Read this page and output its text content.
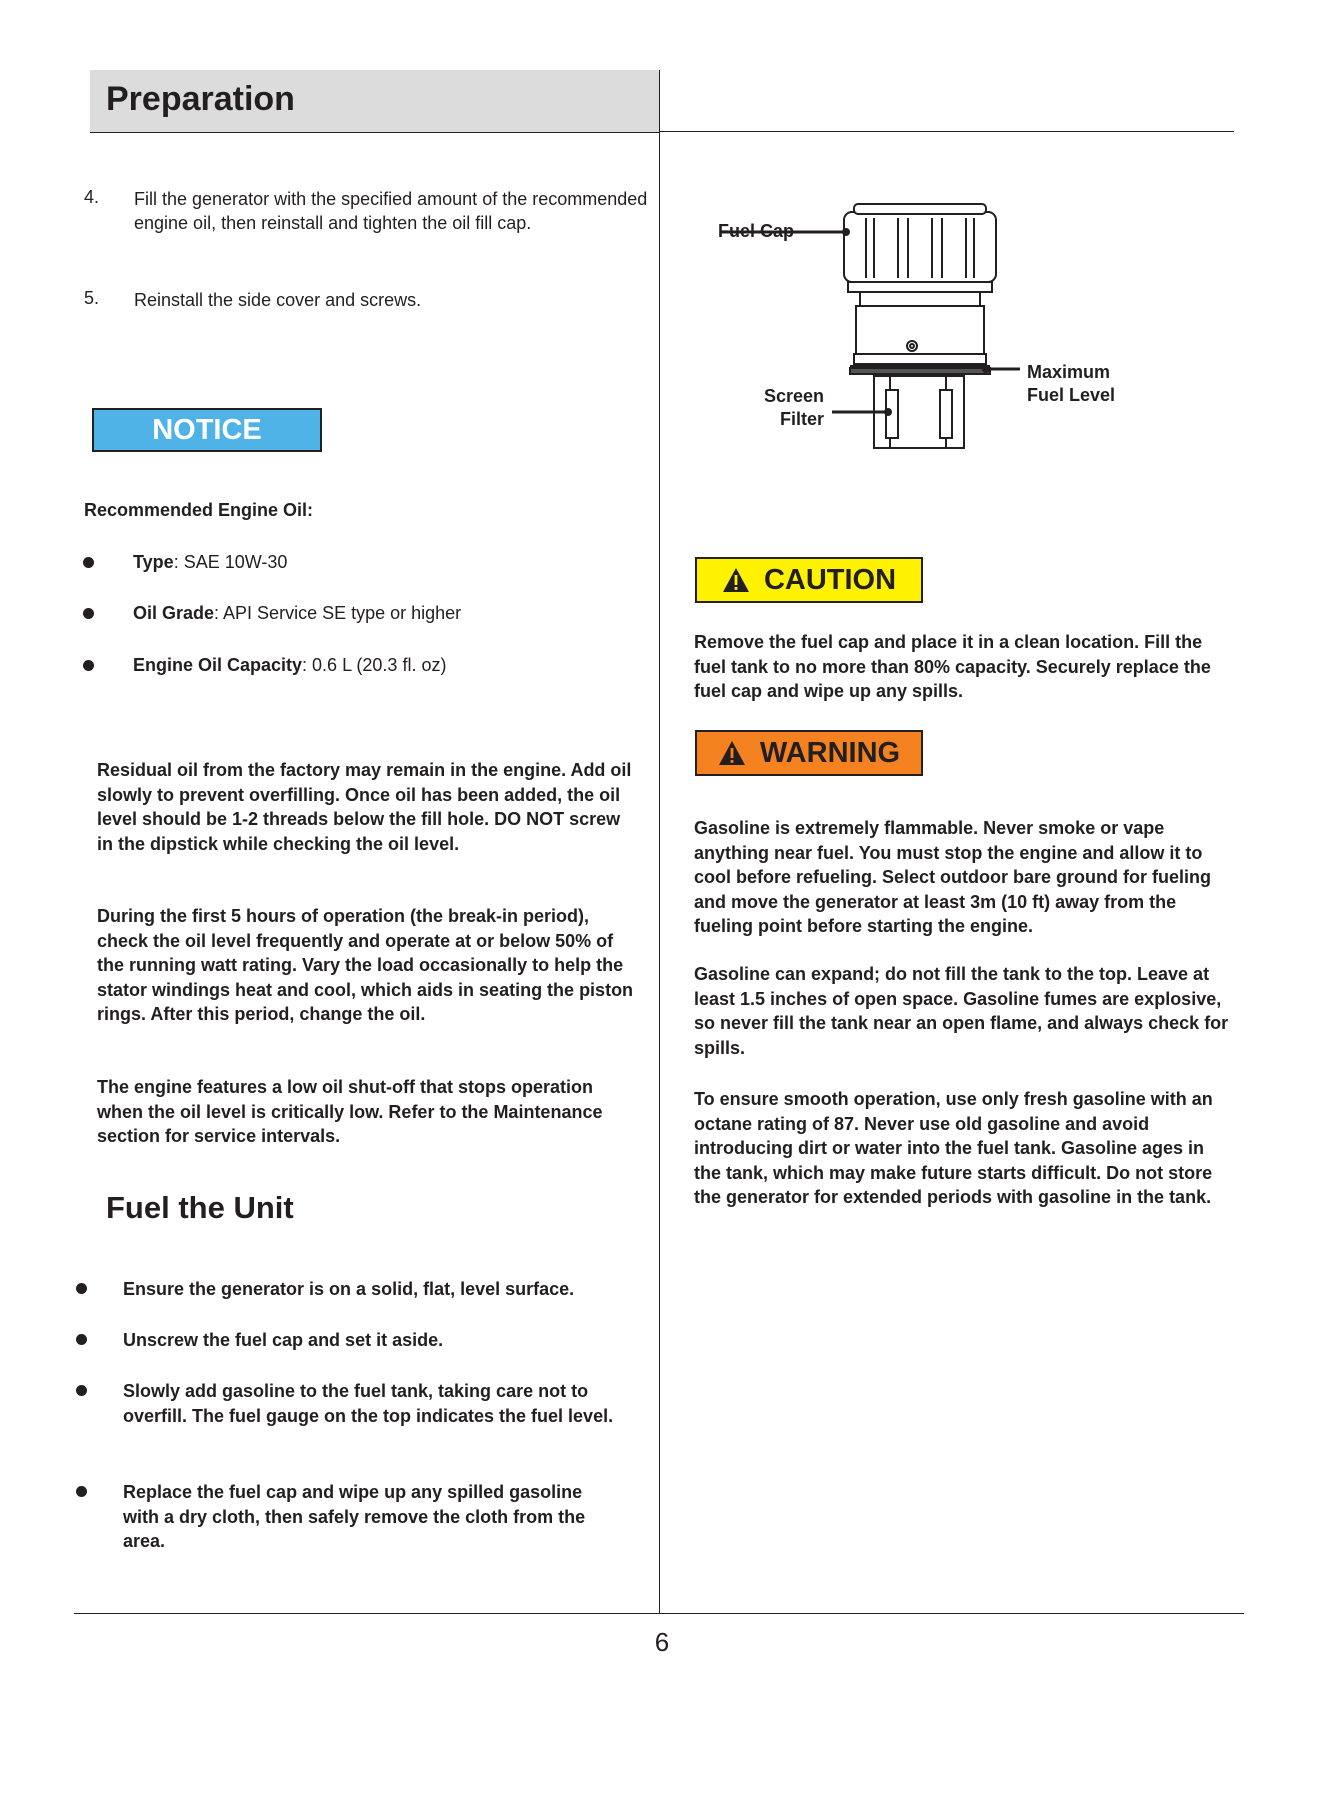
Preparation
4. Fill the generator with the specified amount of the recommended engine oil, then reinstall and tighten the oil fill cap.
5. Reinstall the side cover and screws.
NOTICE
Recommended Engine Oil:
Type: SAE 10W-30
Oil Grade: API Service SE type or higher
Engine Oil Capacity: 0.6 L (20.3 fl. oz)
Residual oil from the factory may remain in the engine. Add oil slowly to prevent overfilling. Once oil has been added, the oil level should be 1-2 threads below the fill hole. DO NOT screw in the dipstick while checking the oil level.
During the first 5 hours of operation (the break-in period), check the oil level frequently and operate at or below 50% of the running watt rating. Vary the load occasionally to help the stator windings heat and cool, which aids in seating the piston rings. After this period, change the oil.
The engine features a low oil shut-off that stops operation when the oil level is critically low. Refer to the Maintenance section for service intervals.
Fuel the Unit
Ensure the generator is on a solid, flat, level surface.
Unscrew the fuel cap and set it aside.
Slowly add gasoline to the fuel tank, taking care not to overfill. The fuel gauge on the top indicates the fuel level.
Replace the fuel cap and wipe up any spilled gasoline with a dry cloth, then safely remove the cloth from the area.
Fuel Cap
Maximum
Fuel Level
Screen
Filter
CAUTION
Remove the fuel cap and place it in a clean location. Fill the fuel tank to no more than 80% capacity. Securely replace the fuel cap and wipe up any spills.
WARNING
Gasoline is extremely flammable. Never smoke or vape anything near fuel. You must stop the engine and allow it to cool before refueling. Select outdoor bare ground for fueling and move the generator at least 3m (10 ft) away from the fueling point before starting the engine.
Gasoline can expand; do not fill the tank to the top. Leave at least 1.5 inches of open space. Gasoline fumes are explosive, so never fill the tank near an open flame, and always check for spills.
To ensure smooth operation, use only fresh gasoline with an octane rating of 87. Never use old gasoline and avoid introducing dirt or water into the fuel tank. Gasoline ages in the tank, which may make future starts difficult. Do not store the generator for extended periods with gasoline in the tank.
6
